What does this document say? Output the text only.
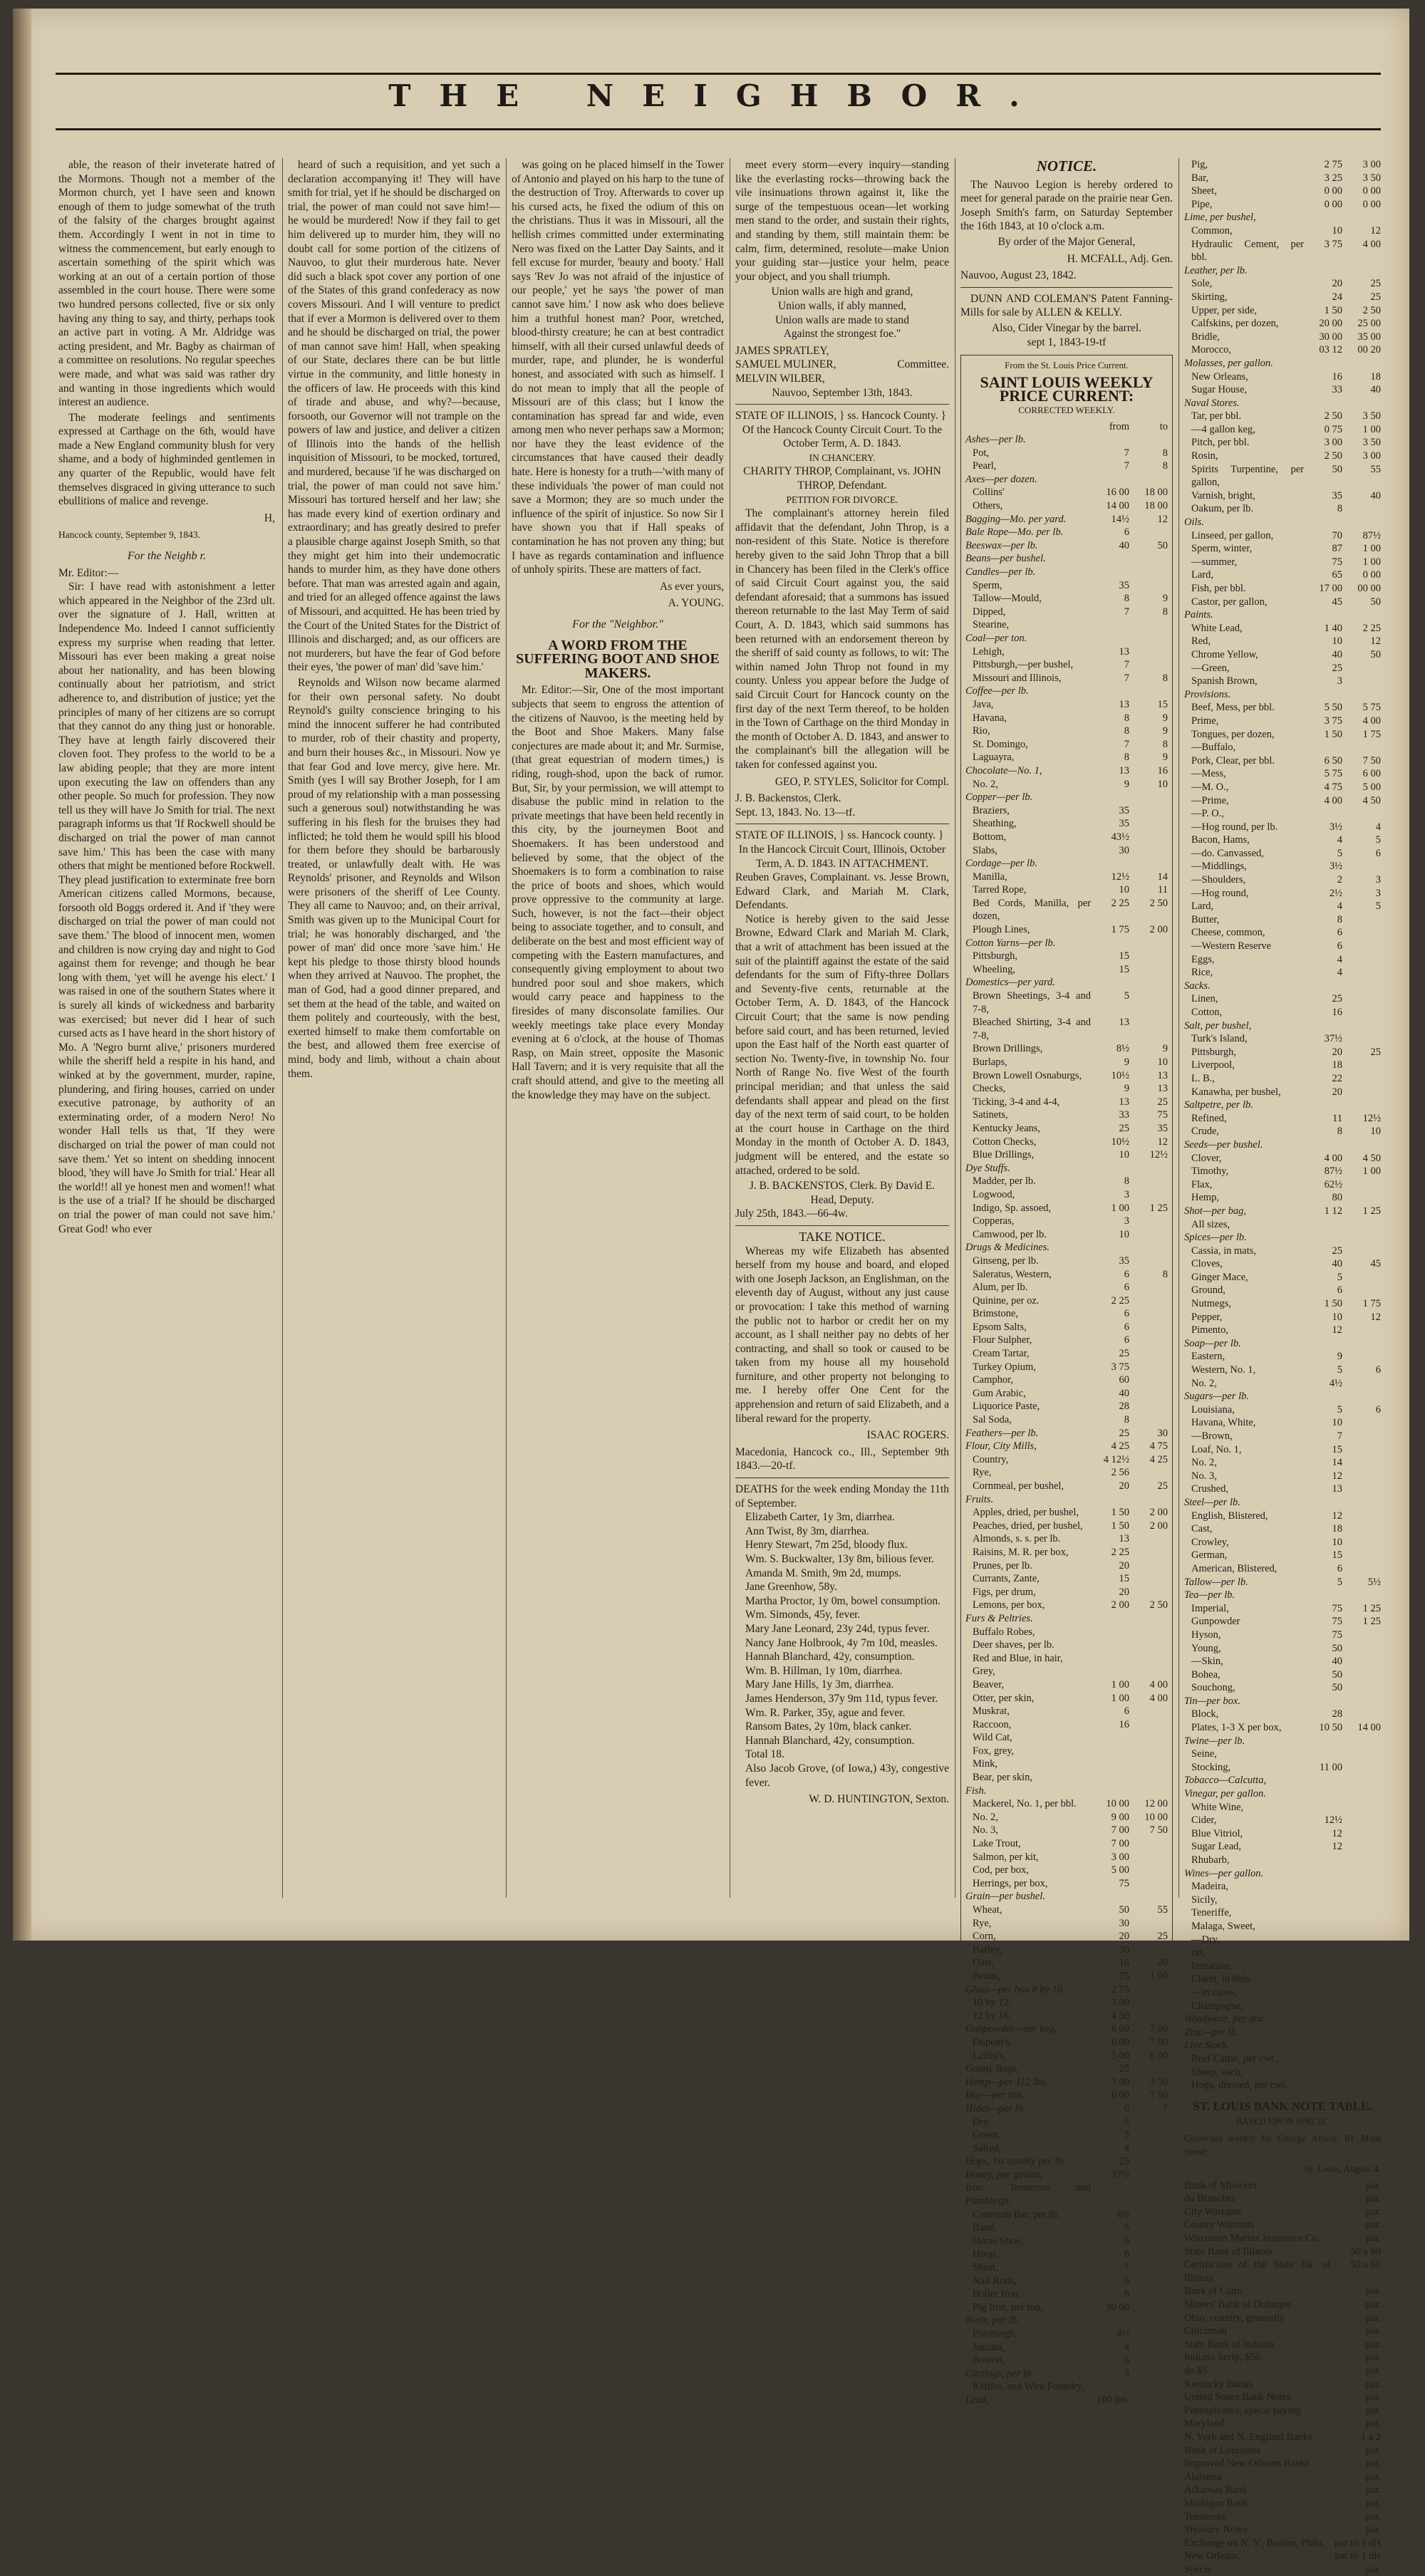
THE NEIGHBOR.

able, the reason of their inveterate hatred of the Mormons. Though not a member of the Mormon church, yet I have seen and known enough of them to judge somewhat of the truth of the falsity of the charges brought against them. Accordingly I went in not in time to witness the commencement, but early enough to ascertain something of the spirit which was working at an out of a certain portion of those assembled in the court house. There were some two hundred persons collected, five or six only having any thing to say, and thirty, perhaps took an active part in voting. A Mr. Aldridge was acting president, and Mr. Bagby as chairman of a committee on resolutions. No regular speeches were made, and what was said was rather dry and wanting in those ingredients which would interest an audience.

The moderate feelings and sentiments expressed at Carthage on the 6th, would have made a New England community blush for very shame, and a body of highminded gentlemen in any quarter of the Republic, would have felt themselves disgraced in giving utterance to such ebullitions of malice and revenge.

H,
Hancock county, September 9, 1843.
For the Neighb r.
Mr. Editor:—

Sir: I have read with astonishment a letter which appeared in the Neighbor of the 23rd ult. over the signature of J. Hall, written at Independence Mo. Indeed I cannot sufficiently express my surprise when reading that letter. Missouri has ever been making a great noise about her nationality, and has been blowing continually about her patriotism, and strict adherence to, and distribution of justice; yet the principles of many of her citizens are so corrupt that they cannot do any thing just or honorable. They have at length fairly discovered their cloven foot. They profess to the world to be a law abiding people; that they are more intent upon executing the law on offenders than any other people. So much for profession. They now tell us they will have Jo Smith for trial. The next paragraph informs us that 'If Rockwell should be discharged on trial the power of man cannot save him.' This has been the case with many others that might be mentioned before Rockwell. They plead justification to exterminate free born American citizens called Mormons, because, forsooth old Boggs ordered it. And if 'they were discharged on trial the power of man could not save them.' The blood of innocent men, women and children is now crying day and night to God against them for revenge; and though he bear long with them, 'yet will he avenge his elect.' I was raised in one of the southern States where it is surely all kinds of wickedness and barbarity was exercised; but never did I hear of such cursed acts as I have heard in the short history of Mo. A 'Negro burnt alive,' prisoners murdered while the sheriff held a respite in his hand, and winked at by the government, murder, rapine, plundering, and firing houses, carried on under executive patronage, by authority of an exterminating order, of a modern Nero! No wonder Hall tells us that, 'If they were discharged on trial the power of man could not save them.' Yet so intent on shedding innocent blood, 'they will have Jo Smith for trial.' Hear all the world!! all ye honest men and women!! what is the use of a trial? If he should be discharged on trial the power of man could not save him.' Great God! who ever

heard of such a requisition, and yet such a declaration accompanying it! They will have smith for trial, yet if he should be discharged on trial, the power of man could not save him!—he would be murdered! Now if they fail to get him delivered up to murder him, they will no doubt call for some portion of the citizens of Nauvoo, to glut their murderous hate. Never did such a black spot cover any portion of one of the States of this grand confederacy as now covers Missouri. And I will venture to predict that if ever a Mormon is delivered over to them and he should be discharged on trial, the power of man cannot save him! Hall, when speaking of our State, declares there can be but little virtue in the community, and little honesty in the officers of law. He proceeds with this kind of tirade and abuse, and why?—because, forsooth, our Governor will not trample on the powers of law and justice, and deliver a citizen of Illinois into the hands of the hellish inquisition of Missouri, to be mocked, tortured, and murdered, because 'if he was discharged on trial, the power of man could not save him.' Missouri has tortured herself and her law; she has made every kind of exertion ordinary and extraordinary; and has greatly desired to prefer a plausible charge against Joseph Smith, so that they might get him into their undemocratic hands to murder him, as they have done others before. That man was arrested again and again, and tried for an alleged offence against the laws of Missouri, and acquitted. He has been tried by the Court of the United States for the District of Illinois and discharged; and, as our officers are not murderers, but have the fear of God before their eyes, 'the power of man' did 'save him.'

Reynolds and Wilson now became alarmed for their own personal safety. No doubt Reynold's guilty conscience bringing to his mind the innocent sufferer he had contributed to murder, rob of their chastity and property, and burn their houses &c., in Missouri. Now ye that fear God and love mercy, give here. Mr. Smith (yes I will say Brother Joseph, for I am proud of my relationship with a man possessing such a generous soul) notwithstanding he was suffering in his flesh for the bruises they had inflicted; he told them he would spill his blood for them before they should be barbarously treated, or unlawfully dealt with. He was Reynolds' prisoner, and Reynolds and Wilson were prisoners of the sheriff of Lee County. They all came to Nauvoo; and, on their arrival, Smith was given up to the Municipal Court for trial; he was honorably discharged, and 'the power of man' did once more 'save him.' He kept his pledge to those thirsty blood hounds when they arrived at Nauvoo. The prophet, the man of God, had a good dinner prepared, and set them at the head of the table, and waited on them politely and courteously, with the best, exerted himself to make them comfortable on the best, and allowed them free exercise of mind, body and limb, without a chain about them.

was going on he placed himself in the Tower of Antonio and played on his harp to the tune of the destruction of Troy. Afterwards to cover up his cursed acts, he fixed the odium of this on the christians. Thus it was in Missouri, all the hellish crimes committed under exterminating Nero was fixed on the Latter Day Saints, and it fell excuse for murder, 'beauty and booty.' Hall says 'Rev Jo was not afraid of the injustice of our people,' yet he says 'the power of man cannot save him.' I now ask who does believe him a truthful honest man? Poor, wretched, blood-thirsty creature; he can at best contradict himself, with all their cursed unlawful deeds of murder, rape, and plunder, he is wonderful honest, and associated with such as himself. I do not mean to imply that all the people of Missouri are of this class; but I know the contamination has spread far and wide, even among men who never perhaps saw a Mormon; nor have they the least evidence of the circumstances that have caused their deadly hate. Here is honesty for a truth—'with many of these individuals 'the power of man could not save a Mormon; they are so much under the influence of the spirit of injustice. So now Sir I have shown you that if Hall speaks of contamination he has not proven any thing; but I have as regards contamination and influence of unholy spirits. These are matters of fact.

As ever yours,
A. YOUNG.
For the "Neighbor."
A WORD FROM THE SUFFERING BOOT AND SHOE MAKERS.

Mr. Editor:—Sir, One of the most important subjects that seem to engross the attention of the citizens of Nauvoo, is the meeting held by the Boot and Shoe Makers. Many false conjectures are made about it; and Mr. Surmise, (that great equestrian of modern times,) is riding, rough-shod, upon the back of rumor. But, Sir, by your permission, we will attempt to disabuse the public mind in relation to the private meetings that have been held recently in this city, by the journeymen Boot and Shoemakers. It has been understood and believed by some, that the object of the Shoemakers is to form a combination to raise the price of boots and shoes, which would prove oppressive to the community at large. Such, however, is not the fact—their object being to associate together, and to consult, and deliberate on the best and most efficient way of competing with the Eastern manufactures, and consequently giving employment to about two hundred poor soul and shoe makers, which would carry peace and happiness to the firesides of many disconsolate families. Our weekly meetings take place every Monday evening at 6 o'clock, at the house of Thomas Rasp, on Main street, opposite the Masonic Hall Tavern; and it is very requisite that all the craft should attend, and give to the meeting all the knowledge they may have on the subject.

meet every storm—every inquiry—standing like the everlasting rocks—throwing back the vile insinuations thrown against it, like the surge of the tempestuous ocean—let working men stand to the order, and sustain their rights, and standing by them, still maintain them: be calm, firm, determined, resolute—make Union your guiding star—justice your helm, peace your object, and you shall triumph.

Union walls are high and grand,
Union walls, if ably manned,
Union walls are made to stand
Against the strongest foe."
JAMES SPRATLEY,
SAMUEL MULINER,
MELVIN WILBER,
Committee.
Nauvoo, September 13th, 1843.
STATE OF ILLINOIS, } ss. Hancock County. }
Of the Hancock County Circuit Court. To the October Term, A. D. 1843.
IN CHANCERY.
CHARITY THROP, Complainant, vs. JOHN THROP, Defendant.
PETITION FOR DIVORCE.

The complainant's attorney herein filed affidavit that the defendant, John Throp, is a non-resident of this State. Notice is therefore hereby given to the said John Throp that a bill in Chancery has been filed in the Clerk's office of said Circuit Court against you, the said defendant aforesaid; that a summons has issued thereon returnable to the last May Term of said Court, A. D. 1843, which said summons has been returned with an endorsement thereon by the sheriff of said county as follows, to wit: The within named John Throp not found in my county. Unless you appear before the Judge of said Circuit Court for Hancock county on the first day of the next Term thereof, to be holden in the Town of Carthage on the third Monday in the month of October A. D. 1843, and answer to the complainant's bill the allegation will be taken for confessed against you.

GEO, P. STYLES, Solicitor for Compl.
J. B. Backenstos, Clerk.
Sept. 13, 1843. No. 13—tf.
STATE OF ILLINOIS, } ss. Hancock county. }
In the Hancock Circuit Court, Illinois, October Term, A. D. 1843. IN ATTACHMENT.
Reuben Graves, Complainant. vs. Jesse Brown, Edward Clark, and Mariah M. Clark, Defendants.

Notice is hereby given to the said Jesse Browne, Edward Clark and Mariah M. Clark, that a writ of attachment has been issued at the suit of the plaintiff against the estate of the said defendants for the sum of Fifty-three Dollars and Seventy-five cents, returnable at the October Term, A. D. 1843, of the Hancock Circuit Court; that the same is now pending before said court, and has been returned, levied upon the East half of the North east quarter of section No. Twenty-five, in township No. four North of Range No. five West of the fourth principal meridian; and that unless the said defendants shall appear and plead on the first day of the next term of said court, to be holden at the court house in Carthage on the third Monday in the month of October A. D. 1843, judgment will be entered, and the estate so attached, ordered to be sold.

J. B. BACKENSTOS, Clerk. By David E. Head, Deputy.
July 25th, 1843.—66-4w.
TAKE NOTICE.

Whereas my wife Elizabeth has absented herself from my house and board, and eloped with one Joseph Jackson, an Englishman, on the eleventh day of August, without any just cause or provocation: I take this method of warning the public not to harbor or credit her on my account, as I shall neither pay no debts of her contracting, and shall so took or caused to be taken from my house all my household furniture, and other property not belonging to me. I hereby offer One Cent for the apprehension and return of said Elizabeth, and a liberal reward for the property.

ISAAC ROGERS.
Macedonia, Hancock co., Ill., September 9th 1843.—20-tf.
DEATHS for the week ending Monday the 11th of September.
Elizabeth Carter, 1y 3m, diarrhea.
Ann Twist, 8y 3m, diarrhea.
Henry Stewart, 7m 25d, bloody flux.
Wm. S. Buckwalter, 13y 8m, bilious fever.
Amanda M. Smith, 9m 2d, mumps.
Jane Greenhow, 58y.
Martha Proctor, 1y 0m, bowel consumption.
Wm. Simonds, 45y, fever.
Mary Jane Leonard, 23y 24d, typus fever.
Nancy Jane Holbrook, 4y 7m 10d, measles.
Hannah Blanchard, 42y, consumption.
Wm. B. Hillman, 1y 10m, diarrhea.
Mary Jane Hills, 1y 3m, diarrhea.
James Henderson, 37y 9m 11d, typus fever.
Wm. R. Parker, 35y, ague and fever.
Ransom Bates, 2y 10m, black canker.
Hannah Blanchard, 42y, consumption.
Total 18.
Also Jacob Grove, (of Iowa,) 43y, congestive fever.
W. D. HUNTINGTON, Sexton.
NOTICE.

The Nauvoo Legion is hereby ordered to meet for general parade on the prairie near Gen. Joseph Smith's farm, on Saturday September the 16th 1843, at 10 o'clock a.m.

By order of the Major General,
H. MCFALL, Adj. Gen.
Nauvoo, August 23, 1842.

DUNN AND COLEMAN'S Patent Fanning-Mills for sale by ALLEN & KELLY.

Also, Cider Vinegar by the barrel.
sept 1, 1843-19-tf
From the St. Louis Price Current.
SAINT LOUIS WEEKLY PRICE CURRENT:
CORRECTED WEEKLY.
	from	to
Ashes—per lb.		
Pot,	7	8
Pearl,	7	8
Axes—per dozen.		
Collins'	16 00	18 00
Others,	14 00	18 00
Bagging—Mo. per yard.	14½	12
Bale Rope—Mo. per lb.	6	
Beeswax—per lb.	40	50
Beans—per bushel.		
Candles—per lb.		
Sperm,	35	
Tallow—Mould,	8	9
Dipped,	7	8
Stearine,		
Coal—per ton.		
Lehigh,	13	
Pittsburgh,—per bushel,	7	
Missouri and Illinois,	7	8
Coffee—per lb.		
Java,	13	15
Havana,	8	9
Rio,	8	9
St. Domingo,	7	8
Laguayra,	8	9
Chocolate—No. 1,	13	16
No. 2,	9	10
Copper—per lb.		
Braziers,	35	
Sheathing,	35	
Bottom,	43½	
Slabs,	30	
Cordage—per lb.		
Manilla,	12½	14
Tarred Rope,	10	11
Bed Cords, Manilla, per dozen,	2 25	2 50
Plough Lines,	1 75	2 00
Cotton Yarns—per lb.		
Pittsburgh,	15	
Wheeling,	15	
Domestics—per yard.		
Brown Sheetings, 3-4 and 7-8,	5	
Bleached Shirting, 3-4 and 7-8,	13	
Brown Drillings,	8½	9
Burlaps,	9	10
Brown Lowell Osnaburgs,	10½	13
Checks,	9	13
Ticking, 3-4 and 4-4,	13	25
Satinets,	33	75
Kentucky Jeans,	25	35
Cotton Checks,	10½	12
Blue Drillings,	10	12½
Dye Stuffs.		
Madder, per lb.	8	
Logwood,	3	
Indigo, Sp. assoed,	1 00	1 25
Copperas,	3	
Camwood, per lb.	10	
Drugs & Medicines.		
Ginseng, per lb.	35	
Saleratus, Western,	6	8
Alum, per lb.	6	
Quinine, per oz.	2 25	
Brimstone,	6	
Epsom Salts,	6	
Flour Sulpher,	6	
Cream Tartar,	25	
Turkey Opium,	3 75	
Camphor,	60	
Gum Arabic,	40	
Liquorice Paste,	28	
Sal Soda,	8	
Feathers—per lb.	25	30
Flour, City Mills,	4 25	4 75
Country,	4 12½	4 25
Rye,	2 56	
Cornmeal, per bushel,	20	25
Fruits.		
Apples, dried, per bushel,	1 50	2 00
Peaches, dried, per bushel,	1 50	2 00
Almonds, s. s. per lb.	13	
Raisins, M. R. per box,	2 25	
Prunes, per lb.	20	
Currants, Zante,	15	
Figs, per drum,	20	
Lemons, per box,	2 00	2 50
Furs & Peltries.		
Buffalo Robes,		
Deer shaves, per lb.		
Red and Blue, in hair,		
Grey,		
Beaver,	1 00	4 00
Otter, per skin,	1 00	4 00
Muskrat,	6	
Raccoon,	16	
Wild Cat,		
Fox, grey,		
Mink,		
Bear, per skin,		
Fish.		
Mackerel, No. 1, per bbl.	10 00	12 00
No. 2,	9 00	10 00
No. 3,	7 00	7 50
Lake Trout,	7 00	
Salmon, per kit,	3 00	
Cod, per box,	5 00	
Herrings, per box,	75	
Grain—per bushel.		
Wheat,	50	55
Rye,	30	
Corn,	20	25
Barley,	30	
Oats,	16	20
Beans,	75	1 00
Glass—per box 8 by 10,	2 75	
10 by 12,	3 00	
12 by 16,	4 50	
Gunpowder—per keg,	6 00	7 00
Dupont's,	6 00	7 00
Laflin's,	5 00	6 00
Gunny Bags,	25	
Hemp—per 112 lbs.	3 00	3 50
Hay—per ton,	6 00	7 00
Hides—per lb.	6	7
Dry,	5	
Green,	3	
Salted,	4	
Hops, 1st quality per lb.	25	
Honey, per gallon,	37½	
Iron, Tennessee and Pittsburgh.		
Common Bar, per lb.	4½	
Band,	5	
Horse Shoe,	6	
Hoop,	6	
Sheet,	7	
Nail Rods,	5	
Boiler Iron,	6	
Pig Iron, per ton,	30 00	
Nails, per lb.		
Pittsburgh,	4½	
Juniata,	4	
Boston,	6	
Castings, per lb.	3	
Kettles, and Wire Foundry,		
Lead,	100 lbs.	
Pig,	2 75	3 00
Bar,	3 25	3 50
Sheet,	0 00	0 00
Pipe,	0 00	0 00
Lime, per bushel,		
Common,	10	12
Hydraulic Cement, per bbl.	3 75	4 00
Leather, per lb.		
Sole,	20	25
Skirting,	24	25
Upper, per side,	1 50	2 50
Calfskins, per dozen,	20 00	25 00
Bridle,	30 00	35 00
Morocco,	03 12	00 20
Molasses, per gallon.		
New Orleans,	16	18
Sugar House,	33	40
Naval Stores.		
Tar, per bbl.	2 50	3 50
—4 gallon keg,	0 75	1 00
Pitch, per bbl.	3 00	3 50
Rosin,	2 50	3 00
Spirits Turpentine, per gallon,	50	55
Varnish, bright,	35	40
Oakum, per lb.	8	
Oils.		
Linseed, per gallon,	70	87½
Sperm, winter,	87	1 00
—summer,	75	1 00
Lard,	65	0 00
Fish, per bbl.	17 00	00 00
Castor, per gallon,	45	50
Paints.		
White Lead,	1 40	2 25
Red,	10	12
Chrome Yellow,	40	50
—Green,	25	
Spanish Brown,	3	
Provisions.		
Beef, Mess, per bbl.	5 50	5 75
Prime,	3 75	4 00
Tongues, per dozen,	1 50	1 75
—Buffalo,		
Pork, Clear, per bbl.	6 50	7 50
—Mess,	5 75	6 00
—M. O.,	4 75	5 00
—Prime,	4 00	4 50
—P. O.,		
—Hog round, per lb.	3½	4
Bacon, Hams,	4	5
—do. Canvassed,	5	6
—Middlings,	3½	
—Shoulders,	2	3
—Hog round,	2½	3
Lard,	4	5
Butter,	8	
Cheese, common,	6	
—Western Reserve	6	
Eggs,	4	
Rice,	4	
Sacks.		
Linen,	25	
Cotton,	16	
Salt, per bushel,		
Turk's Island,	37½	
Pittsburgh,	20	25
Liverpool,	18	
L. B.,	22	
Kanawha, per bushel,	20	
Saltpetre, per lb.		
Refined,	11	12½
Crude,	8	10
Seeds—per bushel.		
Clover,	4 00	4 50
Timothy,	87½	1 00
Flax,	62½	
Hemp,	80	
Shot—per bag,	1 12	1 25
All sizes,		
Spices—per lb.		
Cassia, in mats,	25	
Cloves,	40	45
Ginger Mace,	5	
Ground,	6	
Nutmegs,	1 50	1 75
Pepper,	10	12
Pimento,	12	
Soap—per lb.		
Eastern,	9	
Western, No. 1,	5	6
No. 2,	4½	
Sugars—per lb.		
Louisiana,	5	6
Havana, White,	10	
—Brown,	7	
Loaf, No. 1,	15	
No. 2,	14	
No. 3,	12	
Crushed,	13	
Steel—per lb.		
English, Blistered,	12	
Cast,	18	
Crowley,	10	
German,	15	
American, Blistered,	6	
Tallow—per lb.	5	5½
Tea—per lb.		
Imperial,	75	1 25
Gunpowder	75	1 25
Hyson,	75	
Young,	50	
—Skin,	40	
Bohea,	50	
Souchong,	50	
Tin—per box.		
Block,	28	
Plates, 1-3 X per box,	10 50	14 00
Twine—per lb.		
Seine,		
Stocking,	11 00	
Tobacco—Calcutta,		
Vinegar, per gallon.		
White Wine,		
Cider,	12½	
Blue Vitriol,	12	
Sugar Lead,	12	
Rhubarb,		
Wines—per gallon.		
Madeira,		
Sicily,		
Teneriffe,		
Malaga, Sweet,		
—Dry,		
ort,		
Imitation,		
Claret, in bbls.		
—in cases,		
Champagne,		
Woodware, per doz.		
Zinc—per lb.		
Live Stock.		
Beef Cattle, per cwt.,		
Sheep, each,		
Hogs, dressed, per cwt.,		
ST. LOUIS BANK NOTE TABLE.
BASED UPON SPECIE.
Corrected weekly by George Anson, 81 Main Street.
St. Louis, August 4.
Bank of Missouri	par.
do Branches	par.
City Warrants	par.
County Warrants	par.
Wisconsin Marine Insurance Co.	par.
State Bank of Illinois	50 a 60
Certificates of the State Bk. of Illinois	50 a 60
Bank of Cairo	par.
Miners' Bank of Dubuque	par.
Ohio, country, generally	par.
Cincinnati	par.
State Bank of Indiana	par.
Indiana Scrip, $50	par.
do $5	par.
Kentucky Banks	par.
United States Bank Notes	par.
Pennsylvania, specie paying	par.
Maryland	par.
N. York and N. England Banks	1 a 2
Bank of Louisiana	par.
Improved New Orleans Banks	par.
Alabama	par.
Arkansas Bank	par.
Michigan Bank	par.
Tennessee	par.
Treasury Notes	par.
Exchange on N. Y., Boston, Phila.	par to 1 dis
New Orleans,	par to 1 dis
Specie	par.
